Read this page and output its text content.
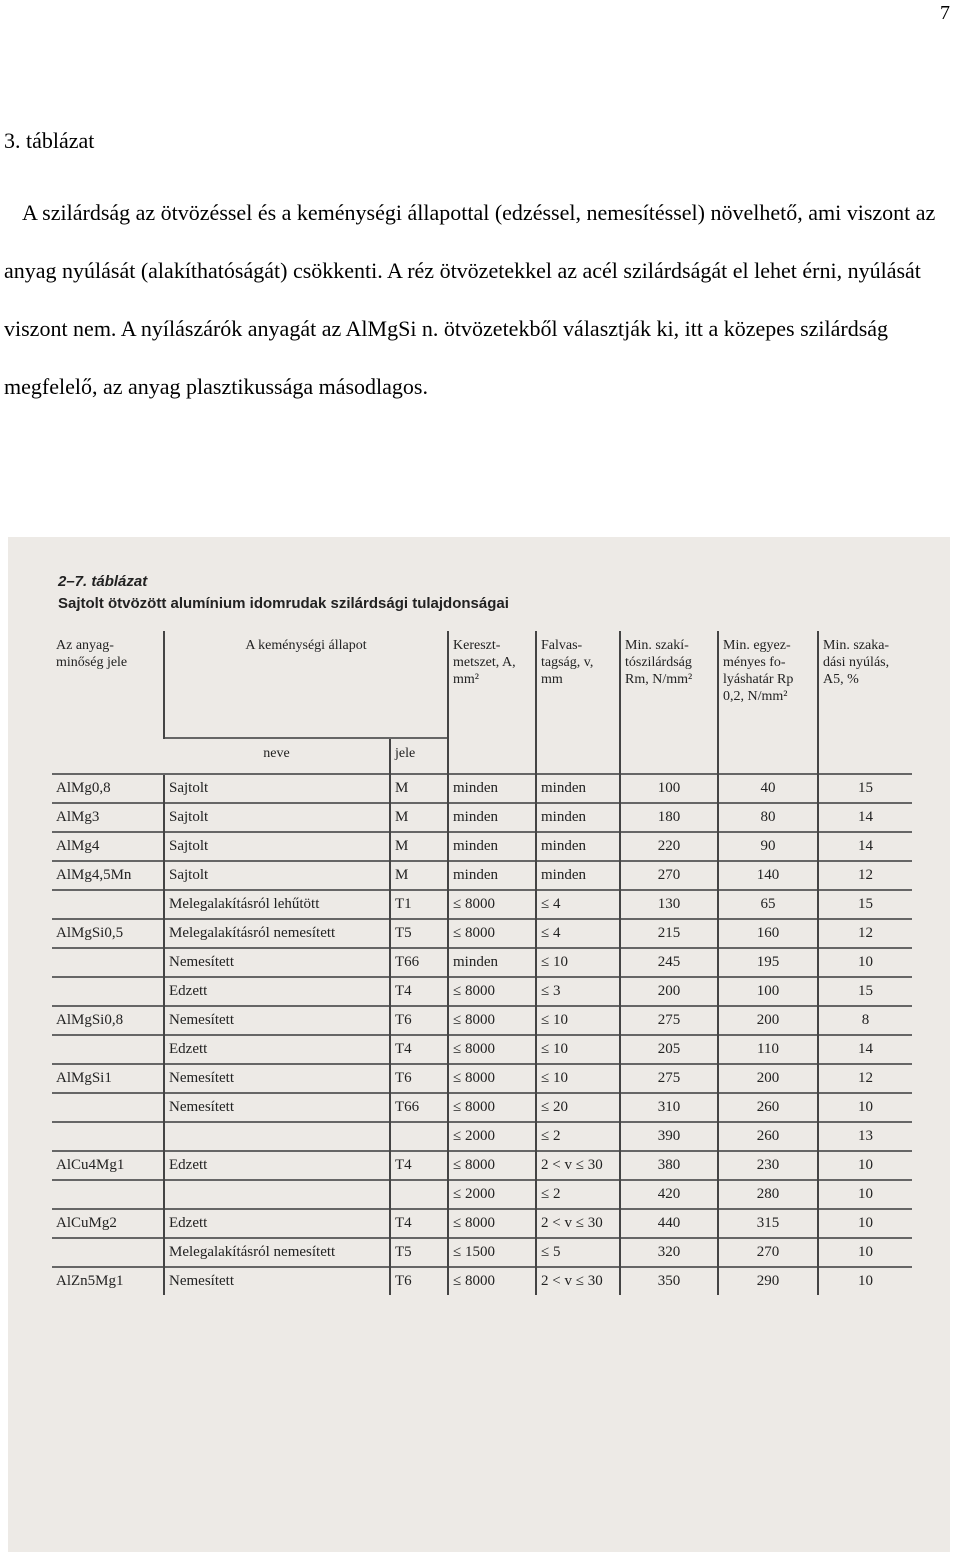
7
3. táblázat

A szilárdság az ötvözéssel és a keménységi állapottal (edzéssel, nemesítéssel) növelhető, ami viszont az anyag nyúlását (alakíthatóságát) csökkenti. A réz ötvözetekkel az acél szilárdságát el lehet érni, nyúlását viszont nem. A nyílászárók anyagát az AlMgSi n. ötvözetekből választják ki, itt a közepes szilárdság megfelelő, az anyag plasztikussága másodlagos.

2–7. táblázat
Sajtolt ötvözött alumínium idomrudak szilárdsági tulajdonságai
Az anyag-minőség jele	A keménységi állapot		Kereszt-metszet, A, mm²	Falvas-tagság, v, mm	Min. szakí-tószilárdság Rm, N/mm²	Min. egyez-ményes fo-lyáshatár Rp 0,2, N/mm²	Min. szaka-dási nyúlás, A5, %
	neve	jele					
AlMg0,8	Sajtolt	M	minden	minden	100	40	15
AlMg3	Sajtolt	M	minden	minden	180	80	14
AlMg4	Sajtolt	M	minden	minden	220	90	14
AlMg4,5Mn	Sajtolt	M	minden	minden	270	140	12
	Melegalakításról lehűtött	T1	≤ 8000	≤ 4	130	65	15
AlMgSi0,5	Melegalakításról nemesített	T5	≤ 8000	≤ 4	215	160	12
	Nemesített	T66	minden	≤ 10	245	195	10
	Edzett	T4	≤ 8000	≤ 3	200	100	15
AlMgSi0,8	Nemesített	T6	≤ 8000	≤ 10	275	200	8
	Edzett	T4	≤ 8000	≤ 10	205	110	14
AlMgSi1	Nemesített	T6	≤ 8000	≤ 10	275	200	12
	Nemesített	T66	≤ 8000	≤ 20	310	260	10
			≤ 2000	≤ 2	390	260	13
AlCu4Mg1	Edzett	T4	≤ 8000	2 < v ≤ 30	380	230	10
			≤ 2000	≤ 2	420	280	10
AlCuMg2	Edzett	T4	≤ 8000	2 < v ≤ 30	440	315	10
	Melegalakításról nemesített	T5	≤ 1500	≤ 5	320	270	10
AlZn5Mg1	Nemesített	T6	≤ 8000	2 < v ≤ 30	350	290	10
